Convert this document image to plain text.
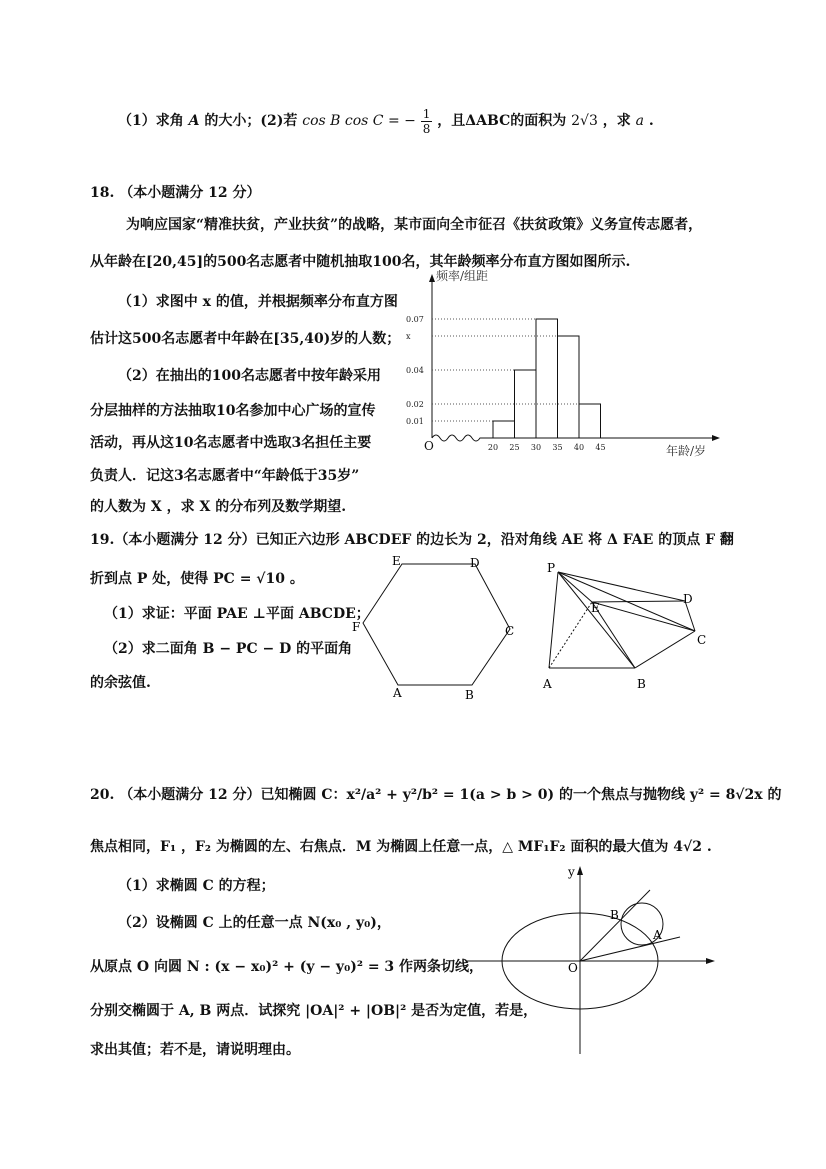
（1）求角 A 的大小；(2)若 cos B cos C = − $\frac{1}{8}$ ，且ΔABC的面积为 2√3 ，求 a .
18. （本小题满分 12 分）
为响应国家“精准扶贫，产业扶贫”的战略，某市面向全市征召《扶贫政策》义务宣传志愿者，
从年龄在[20,45]的500名志愿者中随机抽取100名，其年龄频率分布直方图如图所示.
（1）求图中 x 的值，并根据频率分布直方图
估计这500名志愿者中年龄在[35,40)岁的人数；
（2）在抽出的100名志愿者中按年龄采用
分层抽样的方法抽取10名参加中心广场的宣传
活动，再从这10名志愿者中选取3名担任主要
负责人．记这3名志愿者中“年龄低于35岁”
的人数为 X ，求 X 的分布列及数学期望.
频率/组距
年龄/岁
O
0.01
0.02
0.04
x
0.07
20 25 30 35 40 45
19.（本小题满分 12 分）已知正六边形 ABCDEF 的边长为 2，沿对角线 AE 将 Δ FAE 的顶点 F 翻
折到点 P 处，使得 PC = √10 。
（1）求证：平面 PAE ⊥平面 ABCDE；
（2）求二面角 B − PC − D 的平面角
的余弦值.
E	D
C
B
A
F
P
E
D
C
A	B
20. （本小题满分 12 分）已知椭圆 C：x²/a² + y²/b² = 1(a > b > 0) 的一个焦点与抛物线 y² = 8√2x 的
焦点相同，F₁ ，F₂ 为椭圆的左、右焦点．M 为椭圆上任意一点，△ MF₁F₂ 面积的最大值为 4√2 .
（1）求椭圆 C 的方程；
（2）设椭圆 C 上的任意一点 N(x₀ , y₀)，
从原点 O 向圆 N : (x − x₀)² + (y − y₀)² = 3 作两条切线，
分别交椭圆于 A, B 两点．试探究 |OA|² + |OB|² 是否为定值，若是，
求出其值；若不是，请说明理由。
y
O
B
A
